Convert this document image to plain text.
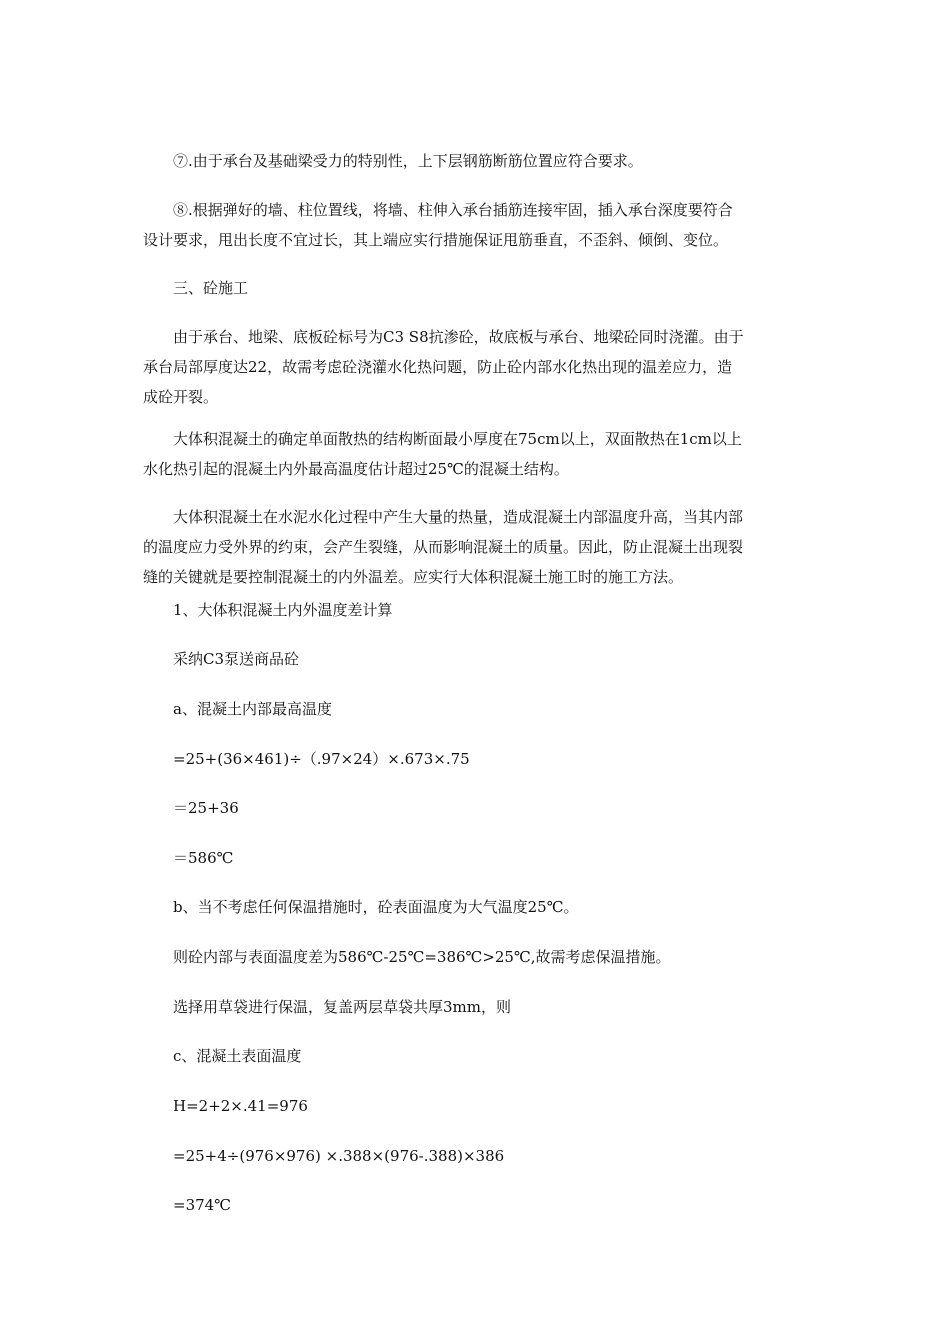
⑦.由于承台及基础梁受力的特别性，上下层钢筋断筋位置应符合要求。
⑧.根据弹好的墙、柱位置线，将墙、柱伸入承台插筋连接牢固，插入承台深度要符合
设计要求，甩出长度不宜过长，其上端应实行措施保证甩筋垂直，不歪斜、倾倒、变位。
三、砼施工
由于承台、地梁、底板砼标号为C3 S8抗渗砼，故底板与承台、地梁砼同时浇灌。由于
承台局部厚度达22，故需考虑砼浇灌水化热问题，防止砼内部水化热出现的温差应力，造
成砼开裂。
大体积混凝土的确定单面散热的结构断面最小厚度在75cm以上，双面散热在1cm以上
水化热引起的混凝土内外最高温度估计超过25℃的混凝土结构。
大体积混凝土在水泥水化过程中产生大量的热量，造成混凝土内部温度升高，当其内部
的温度应力受外界的约束，会产生裂缝，从而影响混凝土的质量。因此，防止混凝土出现裂
缝的关键就是要控制混凝土的内外温差。应实行大体积混凝土施工时的施工方法。
1、大体积混凝土内外温度差计算
采纳C3泵送商品砼
a、混凝土内部最高温度
=25+(36×461)÷（.97×24）×.673×.75
＝25+36
＝586℃
b、当不考虑任何保温措施时，砼表面温度为大气温度25℃。
则砼内部与表面温度差为586℃-25℃=386℃>25℃,故需考虑保温措施。
选择用草袋进行保温，复盖两层草袋共厚3mm，则
c、混凝土表面温度
H=2+2×.41=976
=25+4÷(976×976) ×.388×(976-.388)×386
=374℃
